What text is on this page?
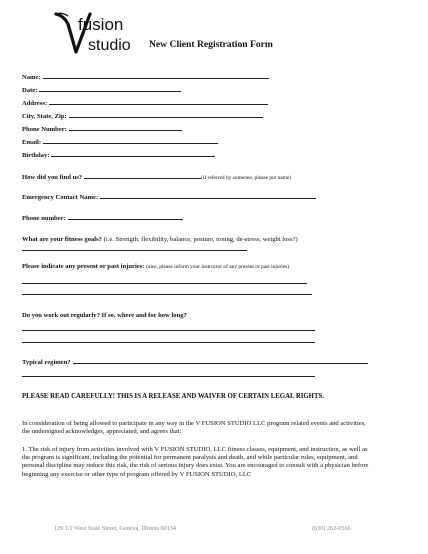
fusion
studio New Client Registration Form
Name:
Date:
Address:
City, State, Zip:
Phone Number:
Email:
Birthday:
How did you find us?	(if referred by someone, please put name)
Emergency Contact Name:
Phone number:
What are your fitness goals? (i.e. Strength, flexibility, balance, posture, toning, de-stress, weight loss?)
Please indicate any present or past injuries: (also, please inform your instructor of any present or past injuries)
Do you work out regularly? If so, where and for how long?
Typical regimen?
PLEASE READ CAREFULLY! THIS IS A RELEASE AND WAIVER OF CERTAIN LEGAL RIGHTS.
In consideration of being allowed to participate in any way in the V FUSION STUDIO LLC program related events and activities, the undersigned acknowledges, appreciated, and agrees that:
1. The risk of injury from activities involved with V FUSION STUDIO, LLC fitness classes, equipment, and instruction, as well as the program is significant, including the potential for permanent paralysis and death, and while particular rules, equipment, and personal discipline may reduce this risk, the risk of serious injury does exist. You are encouraged to consult with a physician before beginning any exercise or other type of program offered by V FUSION STUDIO, LLC
129 1/2 West State Street, Geneva, Illinois 60134	(630) 262-0566
